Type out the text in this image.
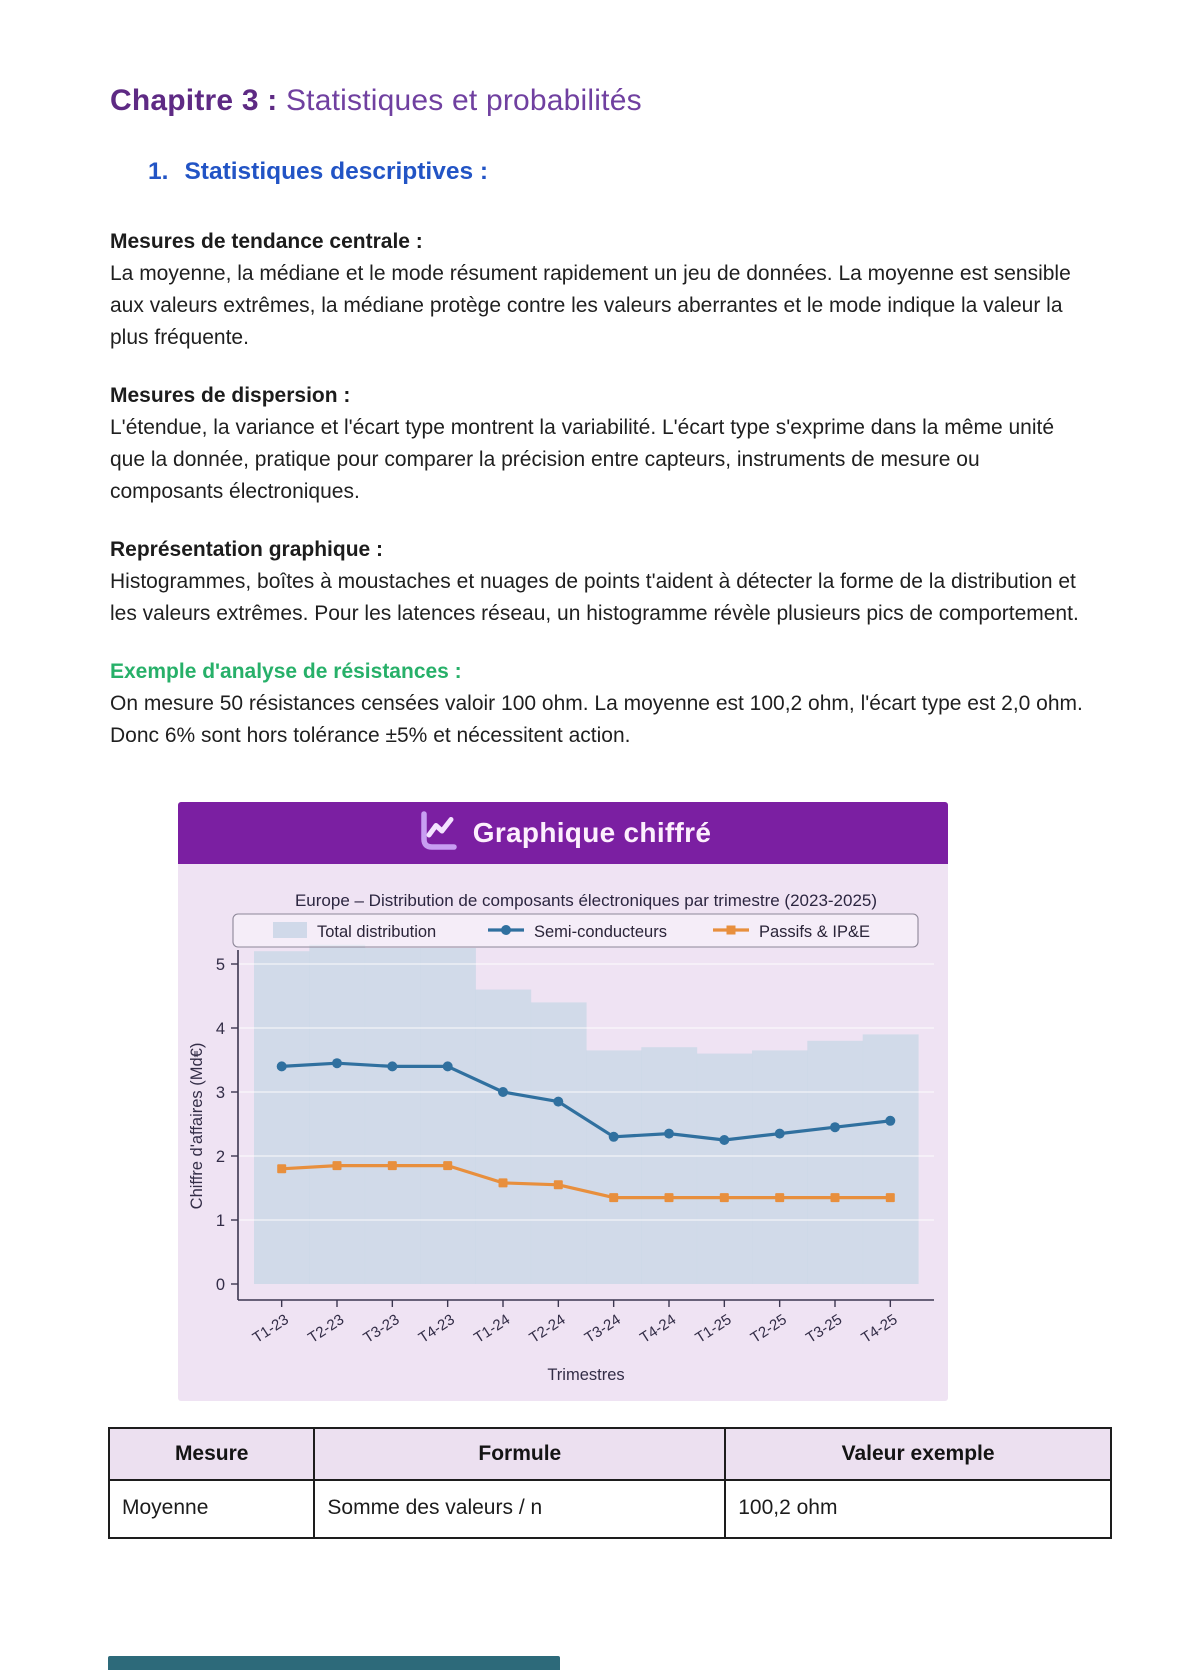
Chapitre 3 : Statistiques et probabilités
1. Statistiques descriptives :
Mesures de tendance centrale :

La moyenne, la médiane et le mode résument rapidement un jeu de données. La moyenne est sensible aux valeurs extrêmes, la médiane protège contre les valeurs aberrantes et le mode indique la valeur la plus fréquente.

Mesures de dispersion :

L'étendue, la variance et l'écart type montrent la variabilité. L'écart type s'exprime dans la même unité que la donnée, pratique pour comparer la précision entre capteurs, instruments de mesure ou composants électroniques.

Représentation graphique :

Histogrammes, boîtes à moustaches et nuages de points t'aident à détecter la forme de la distribution et les valeurs extrêmes. Pour les latences réseau, un histogramme révèle plusieurs pics de comportement.

Exemple d'analyse de résistances :

On mesure 50 résistances censées valoir 100 ohm. La moyenne est 100,2 ohm, l'écart type est 2,0 ohm. Donc 6% sont hors tolérance ±5% et nécessitent action.

Graphique chiffré
Europe – Distribution de composants électroniques par trimestre (2023-2025)
0
1
2
3
4
5
T1-23 T2-23 T3-23 T4-23 T1-24 T2-24 T3-24 T4-24 T1-25 T2-25 T3-25 T4-25
Trimestres
Chiffre d'affaires (Md€)
Total distribution	Semi-conducteurs	Passifs & IP&E
Mesure	Formule	Valeur exemple
Moyenne	Somme des valeurs / n	100,2 ohm
